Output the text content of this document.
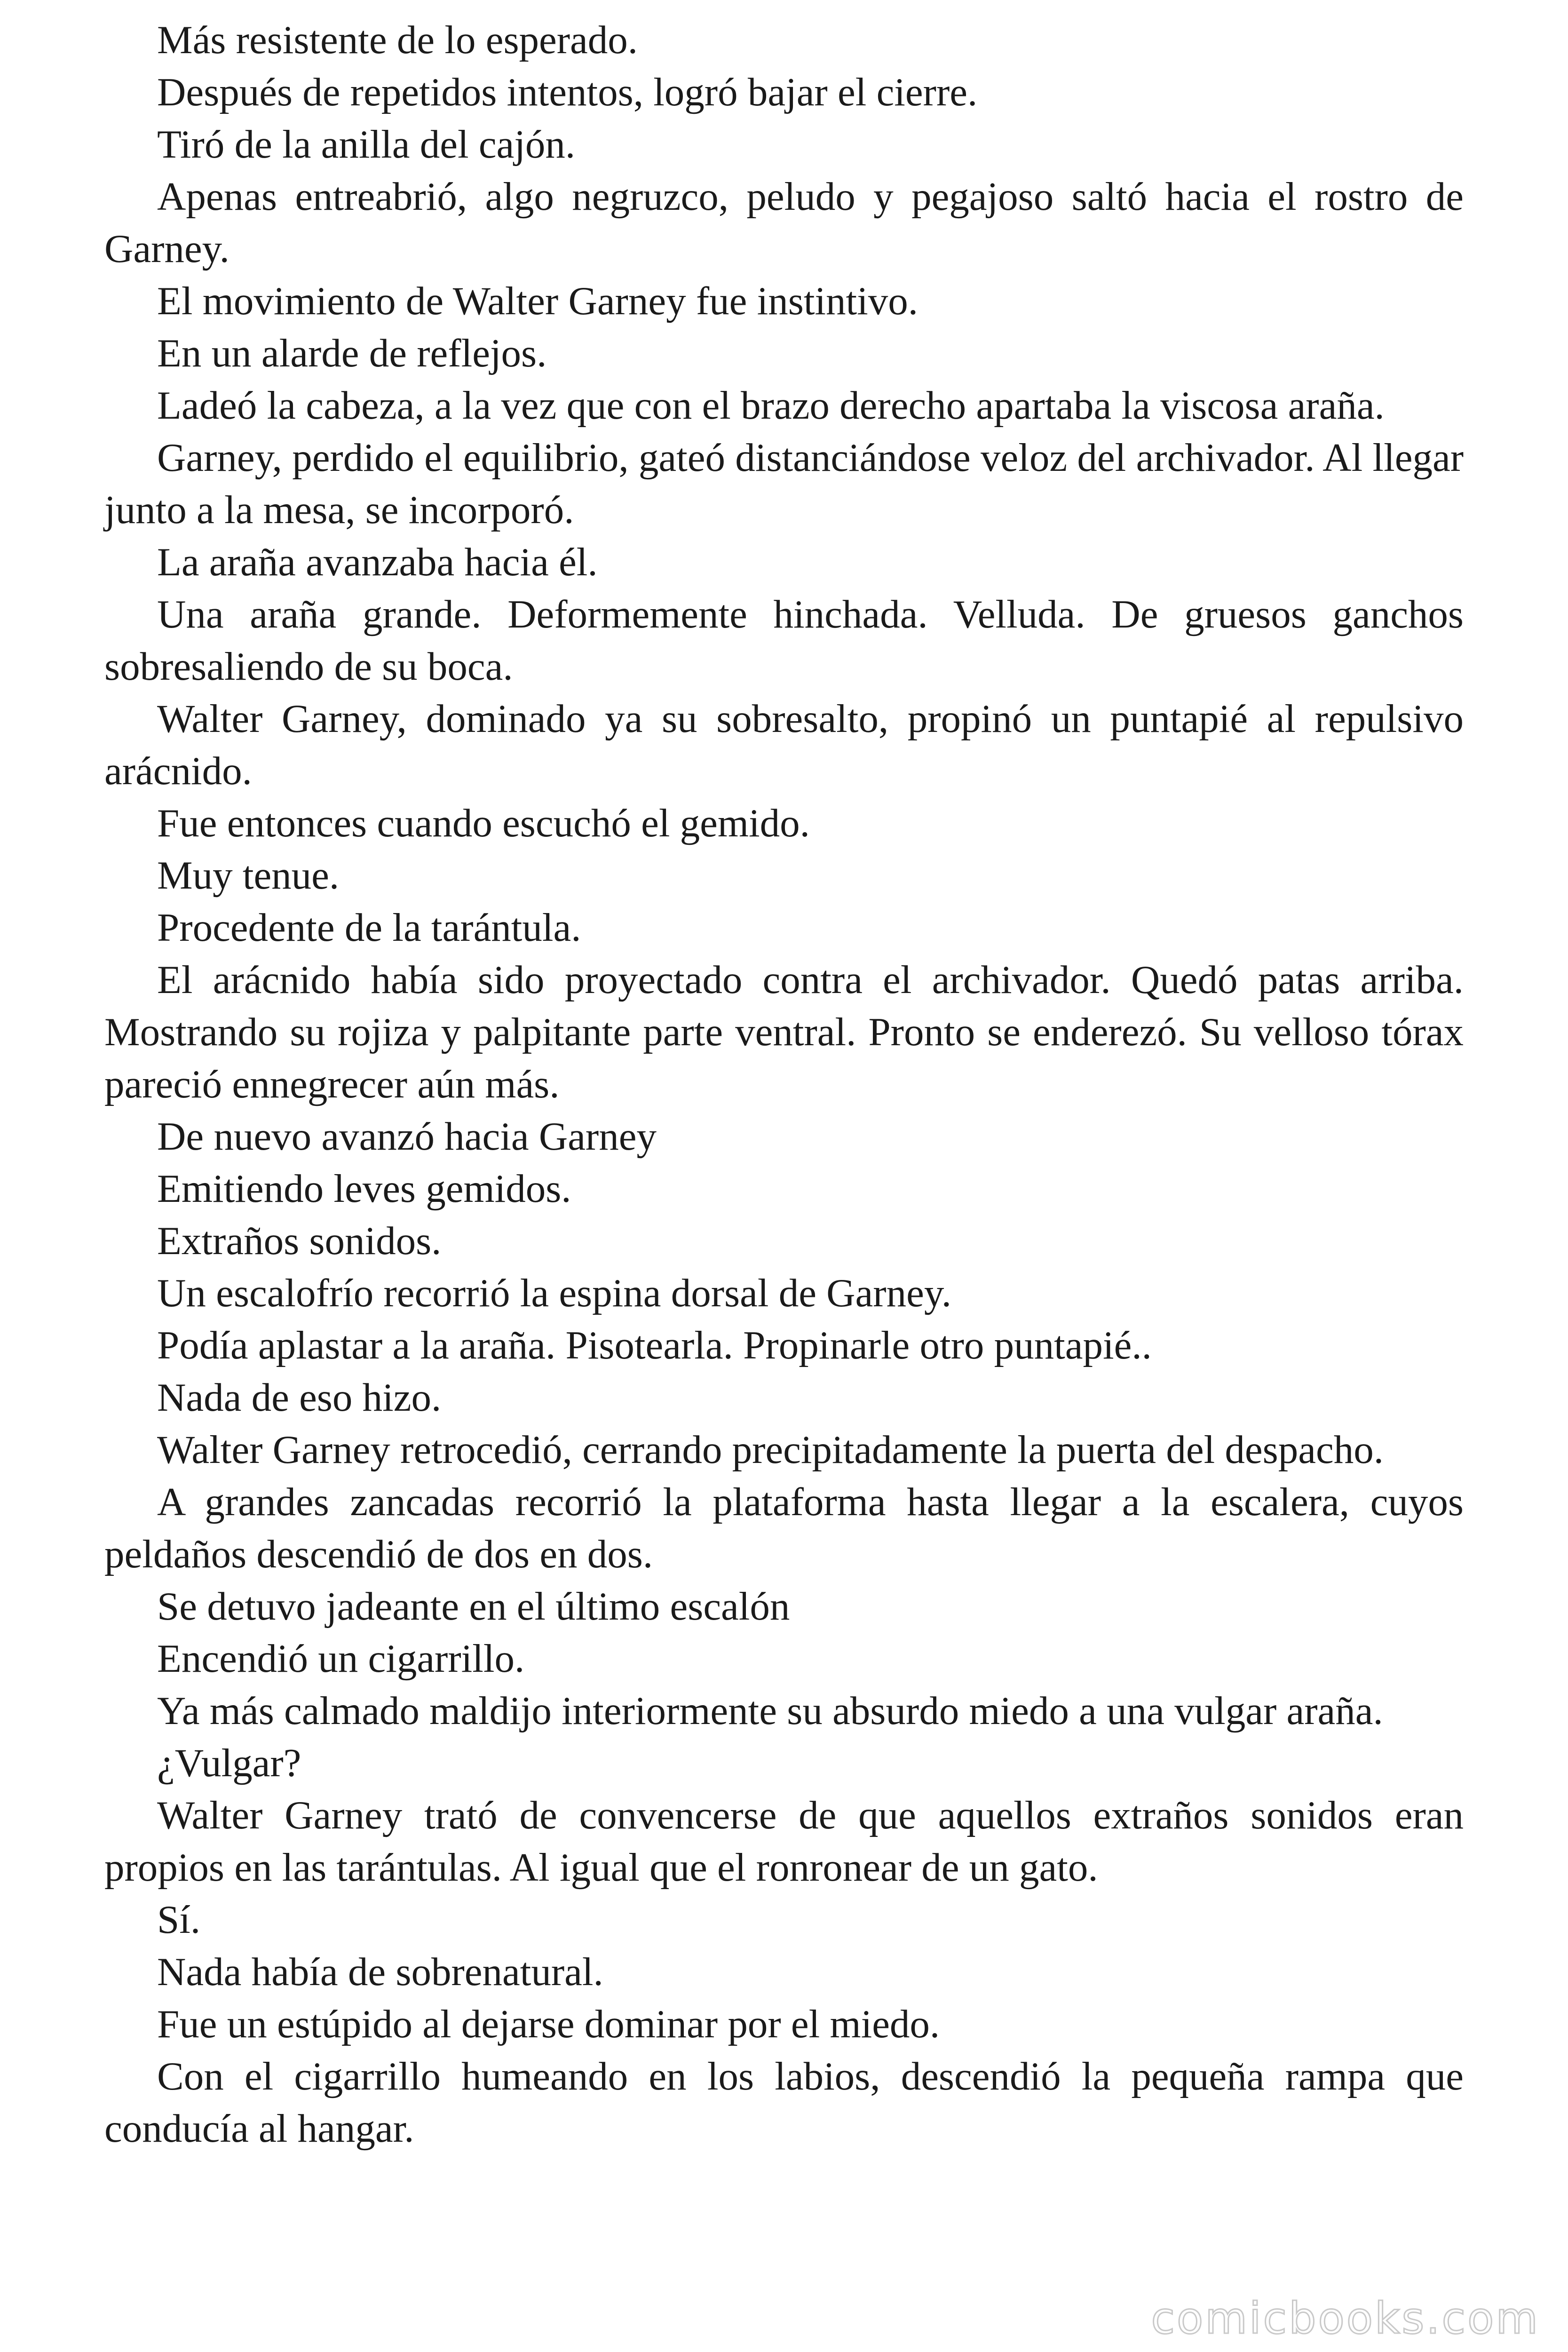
Más resistente de lo esperado.

Después de repetidos intentos, logró bajar el cierre.

Tiró de la anilla del cajón.

Apenas entreabrió, algo negruzco, peludo y pegajoso saltó hacia el rostro de Garney.

El movimiento de Walter Garney fue instintivo.

En un alarde de reflejos.

Ladeó la cabeza, a la vez que con el brazo derecho apartaba la viscosa araña.

Garney, perdido el equilibrio, gateó distanciándose veloz del archivador. Al llegar junto a la mesa, se incorporó.

La araña avanzaba hacia él.

Una araña grande. Deformemente hinchada. Velluda. De gruesos ganchos sobresaliendo de su boca.

Walter Garney, dominado ya su sobresalto, propinó un puntapié al repulsivo arácnido.

Fue entonces cuando escuchó el gemido.

Muy tenue.

Procedente de la tarántula.

El arácnido había sido proyectado contra el archivador. Quedó patas arriba. Mostrando su rojiza y palpitante parte ventral. Pronto se enderezó. Su velloso tórax pareció ennegrecer aún más.

De nuevo avanzó hacia Garney

Emitiendo leves gemidos.

Extraños sonidos.

Un escalofrío recorrió la espina dorsal de Garney.

Podía aplastar a la araña. Pisotearla. Propinarle otro puntapié..

Nada de eso hizo.

Walter Garney retrocedió, cerrando precipitadamente la puerta del despacho.

A grandes zancadas recorrió la plataforma hasta llegar a la escalera, cuyos peldaños descendió de dos en dos.

Se detuvo jadeante en el último escalón

Encendió un cigarrillo.

Ya más calmado maldijo interiormente su absurdo miedo a una vulgar araña.

¿Vulgar?

Walter Garney trató de convencerse de que aquellos extraños sonidos eran propios en las tarántulas. Al igual que el ronronear de un gato.

Sí.

Nada había de sobrenatural.

Fue un estúpido al dejarse dominar por el miedo.

Con el cigarrillo humeando en los labios, descendió la pequeña rampa que conducía al hangar.

comicbooks.com
